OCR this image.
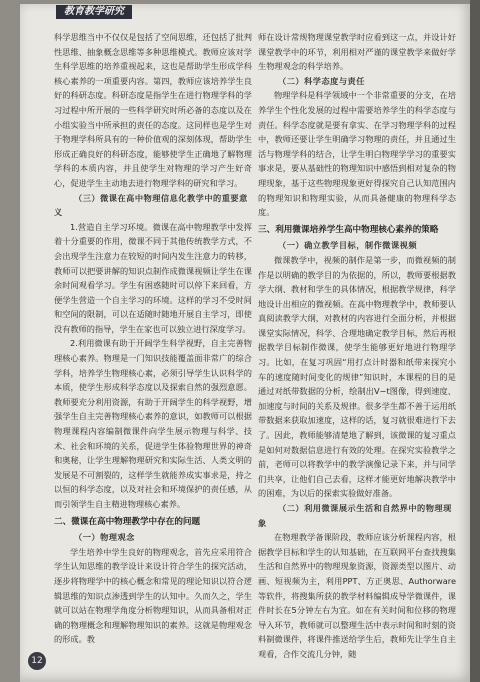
教育教学研究

科学思维当中不仅仅是包括了空间思维，还包括了批判性思维、抽象概念思维等多种思维模式。教师应该对学生科学思维的培养重视起来，这也是帮助学生形成学科核心素养的一项重要内容。第四，教师应该培养学生良好的科研态度。科研态度是指学生在进行物理学科的学习过程中所开展的一些科学研究时所必备的态度以及在小组实验当中所承担的责任的态度。这同样也是学生对于物理学科所具有的一种价值观的深刻体现，帮助学生形成正确良好的科研态度，能够使学生正确地了解物理学科的本质内容，并且使学生对物理的学习产生好奇心，促进学生主动地去进行物理学科的研究和学习。

（三）微课在高中物理信息化教学中的重要意义

1.营造自主学习环境。微课在高中物理教学中发挥着十分重要的作用，微课不同于其他传统教学方式，不会出现学生注意力在较短的时间内发生注意力的转移，教师可以把要讲解的知识点制作成微课视频让学生在课余时间观看学习。学生有困惑随时可以停下来回看，方便学生营造一个自主学习的环境。这样的学习不受时间和空间的限制，可以在适随时随地开展自主学习，即使没有教师的指导，学生在家也可以独立进行深度学习。

2.利用微课有助于开阔学生科学视野，自主完善物理核心素养。物理是一门知识技能覆盖面非常广的综合学科，培养学生物理核心素，必须引导学生认识科学的本质，使学生形成科学态度以及探索自然的强烈意愿。教师要充分利用资源，有助于开阔学生的科学视野，增强学生自主完善物理核心素养的意识，如教师可以根据物理课程内容编制微课件向学生展示物理与科学、技术、社会和环境的关系，促进学生体验物理世界的神奇和奥秘，让学生理解物理研究和实际生活、人类文明的发展是不可割裂的，这样学生就能养成实事求是，持之以恒的科学态度，以及对社会和环境保护的责任感，从而引领学生自主精进物理核心素养。

二、微课在高中物理教学中存在的问题
（一）物理观念

学生培养中学生良好的物理观念，首先应采用符合学生认知思维的教学设计来设计符合学生的探究活动，逐步将物理学中的核心概念和常见的理论知识以符合逻辑思维的知识点渗透到学生的认知中。久而久之，学生就可以站在物理学角度分析物理知识，从而具备相对正确的物理概念和理解物理知识的素养。这就是物理观念的形成。教

师在设计常规物理课堂教学时应看到这一点，并设计好课堂教学中的环节，利用相对严谨的课堂教学来做好学生物理观念的科学培养。

（二）科学态度与责任

物理学科是科学领域中一个非常重要的分支，在培养学生个性化发展的过程中需要培养学生的科学态度与责任。科学态度就是要有拿实、在学习物理学科的过程中，教师还要让学生明确学习物理的责任，并且通过生活与物理学科的结合，让学生明白物理学学习的重要实事求是，要从基础性的物理知识中感悟到相对复杂的物理现象，基于这些物理现象更好得探究自己认知范围内的物理知识和物理实验，从而具备健康的物理科学态度。

三、利用微课培养学生高中物理核心素养的策略
（一）确立教学目标，制作微课视频

微课教学中，视频的制作是第一步，而微视频的制作是以明确的教学目的为依据的，所以，教师要根据教学大纲、教材和学生的具体情况，根据教学规律，科学地设计出相应的微视频。在高中物理教学中，教师要认真阅读教学大纲，对教材的内容进行全面分析，并根据课堂实际情况，科学、合理地确定教学目标，然后再根据教学目标制作微课，使学生能够更好地进行物理学习。比如，在复习巩固“用打点计时器和纸带来探究小车的速度随时间变化的规律”知识时，本课程的目的是通过对纸带数据的分析，绘制出V−t图像，得到速度、加速度与时间的关系及规律。很多学生都不善于运用纸带数据来获取加速度，这样的话，复习就很难进行下去了。因此，教师能够清楚地了解到，该微课的复习重点是如何对数据信息进行有效的处理。在探究实验教学之前，老师可以将教学中的教学演像记录下来，并与同学们共享，让他们自己去看，这样才能更好地解决教学中的困难，为以后的探索实验做好准备。

（二）利用微课展示生活和自然界中的物理现象

在物理教学备课阶段，教师应该分析课程内容，根据教学目标和学生的认知基础，在互联网平台查找搜集生活和自然界中的物理现象资源，资源类型以图片、动画、短视频为主，利用PPT、方正奥思、Authorware等软件，将搜集所获的教学材料编辑成导学微课件，课件时长在5分钟左右为宜。如在有关时间和位移的物理导入环节，教师就可以整理生活中表示时间和时刻的资料制微课件，将课件推送给学生后，教师先让学生自主观看，合作交流几分钟，随

12
